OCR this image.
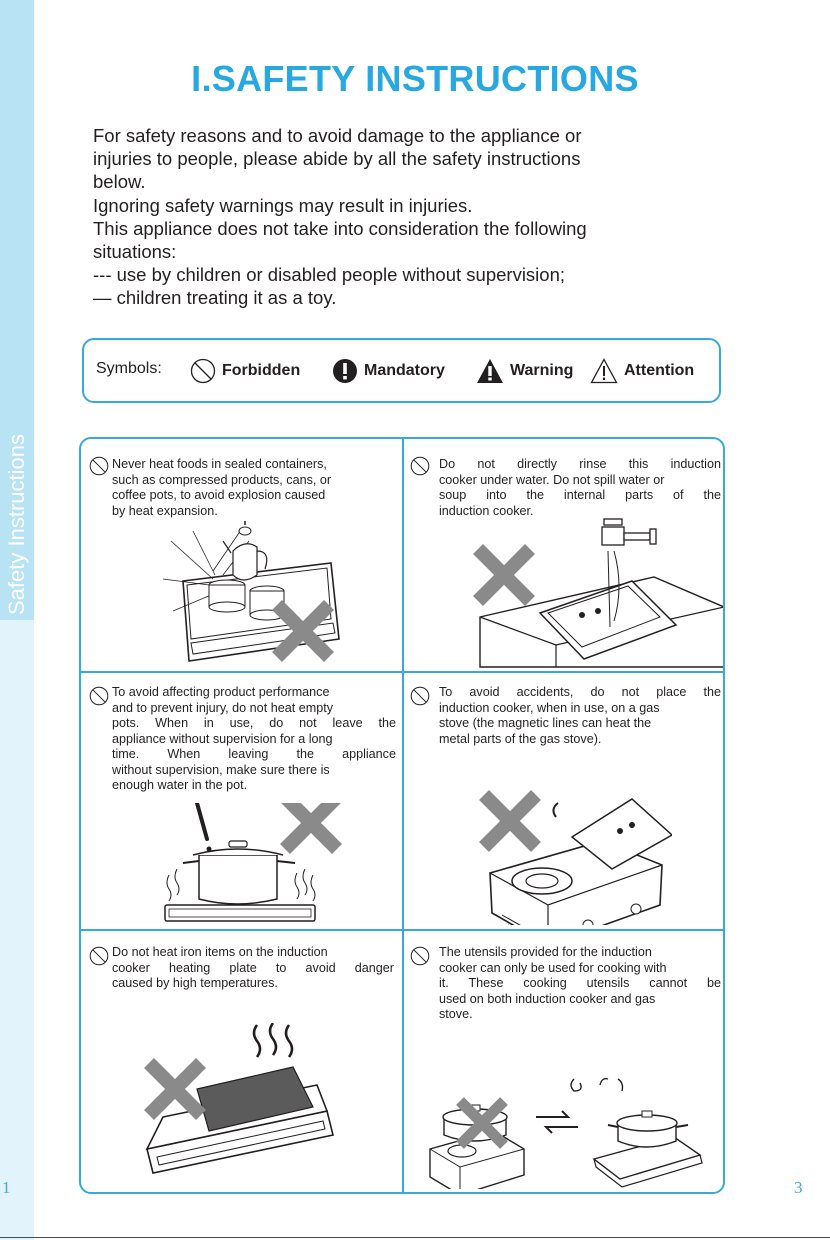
Safety Instructions
I.SAFETY INSTRUCTIONS
For safety reasons and to avoid damage to the appliance or
injuries to people, please abide by all the safety instructions
below.
Ignoring safety warnings may result in injuries.
This appliance does not take into consideration the following
situations:
--- use by children or disabled people without supervision;
— children treating it as a toy.
Symbols:	Forbidden	Mandatory	Warning	Attention
Never heat foods in sealed containers,
such as compressed products, cans, or
coffee pots, to avoid explosion caused
by heat expansion.
Do not directly rinse this induction
cooker under water. Do not spill water or
soup into the internal parts of the
induction cooker.
To avoid affecting product performance
and to prevent injury, do not heat empty
pots. When in use, do not leave the
appliance without supervision for a long
time. When leaving the appliance
without supervision, make sure there is
enough water in the pot.
To avoid accidents, do not place the
induction cooker, when in use, on a gas
stove (the magnetic lines can heat the
metal parts of the gas stove).
Do not heat iron items on the induction
cooker heating plate to avoid danger
caused by high temperatures.
The utensils provided for the induction
cooker can only be used for cooking with
it. These cooking utensils cannot be
used on both induction cooker and gas
stove.
1	3
